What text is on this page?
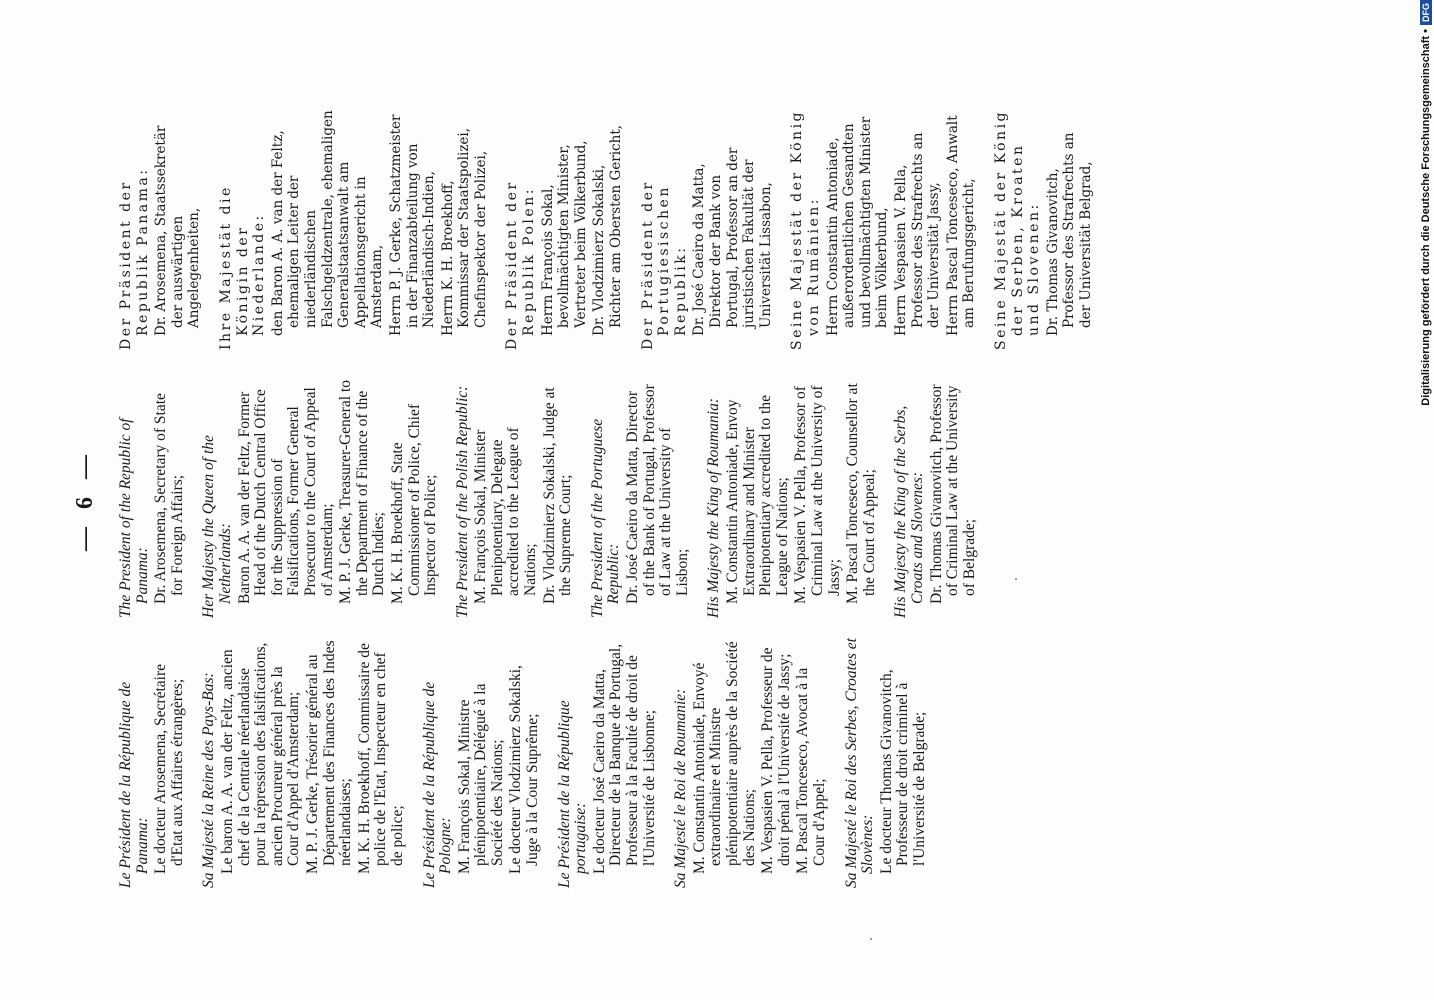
— 6 —
Le Président de la République de Panama: Le docteur Arosemena, Secrétaire d'Etat aux Affaires étrangères; Sa Majesté la Reine des Pays-Bas: Le baron A. A. van der Feltz, ancien chef de la Centrale néerlandaise pour la répression des falsifications, ancien Procureur général près la Cour d'Appel d'Amsterdam; M. P. J. Gerke, Trésorier général au Département des Finances des Indes néerlandaises; M. K. H. Broekhoff, Commissaire de police de l'Etat, Inspecteur en chef de police; Le Président de la République de Pologne: M. François Sokal, Ministre plénipotentiaire, Délégué à la Société des Nations; Le docteur Vlodzimierz Sokalski, Juge à la Cour Suprême; Le Président de la République portugaise: Le docteur José Caeiro da Matta, Directeur de la Banque de Portugal, Professeur à la Faculté de droit de l'Université de Lisbonne; Sa Majesté le Roi de Roumanie: M. Constantin Antoniade, Envoyé extraordinaire et Ministre plénipotentiaire auprès de la Société des Nations; M. Vespasien V. Pella, Professeur de droit pénal à l'Université de Jassy; M. Pascal Tonceseco, Avocat à la Cour d'Appel; Sa Majesté le Roi des Serbes, Croates et Slovènes: Le docteur Thomas Givanovitch, Professeur de droit criminel à l'Université de Belgrade;
The President of the Republic of Panama: Dr. Arosemena, Secretary of State for Foreign Affairs; Her Majesty the Queen of the Netherlands: Baron A. A. van der Feltz, Former Head of the Dutch Central Office for the Suppression of Falsifications, Former General Prosecutor to the Court of Appeal of Amsterdam; M. P. J. Gerke, Treasurer-General to the Department of Finance of the Dutch Indies; M. K. H. Broekhoff, State Commissioner of Police, Chief Inspector of Police; The President of the Polish Republic: M. François Sokal, Minister Plenipotentiary, Delegate accredited to the League of Nations; Dr. Vlodzimierz Sokalski, Judge at the Supreme Court; The President of the Portuguese Republic: Dr. José Caeiro da Matta, Director of the Bank of Portugal, Professor of Law at the University of Lisbon; His Majesty the King of Roumania: M. Constantin Antoniade, Envoy Extraordinary and Minister Plenipotentiary accredited to the League of Nations; M. Vespasien V. Pella, Professor of Criminal Law at the University of Jassy; M. Pascal Tonceseco, Counsellor at the Court of Appeal; His Majesty the King of the Serbs, Croats and Slovenes: Dr. Thomas Givanovitch, Professor of Criminal Law at the University of Belgrade;
Der Präsident der Republik Panama: Dr. Arosemena, Staatssekretär der auswärtigen Angelegenheiten, Ihre Majestät die Königin der Niederlande: den Baron A. A. van der Feltz, ehemaligen Leiter der niederländischen Falschgeldzentrale, ehemaligen Generalstaatsanwalt am Appellationsgericht in Amsterdam, Herrn P. J. Gerke, Schatzmeister in der Finanzabteilung von Niederländisch-Indien, Herrn K. H. Broekhoff, Kommissar der Staatspolizei, Chefinspektor der Polizei, Der Präsident der Republik Polen: Herrn François Sokal, bevollmächtigten Minister, Vertreter beim Völkerbund, Dr. Vlodzimierz Sokalski, Richter am Obersten Gericht, Der Präsident der Portugiesischen Republik: Dr. José Caeiro da Matta, Direktor der Bank von Portugal, Professor an der juristischen Fakultät der Universität Lissabon, Seine Majestät der König von Rumänien: Herrn Constantin Antoniade, außerordentlichen Gesandten und bevollmächtigten Minister beim Völkerbund, Herrn Vespasien V. Pella, Professor des Strafrechts an der Universität Jassy, Herrn Pascal Tonceseco, Anwalt am Berufungsgericht, Seine Majestät der König der Serben, Kroaten und Slovenen: Dr. Thomas Givanovitch, Professor des Strafrechts an der Universität Belgrad,	Digitalisierung gefördert durch die Deutsche Forschungsgemeinschaft •DFG
